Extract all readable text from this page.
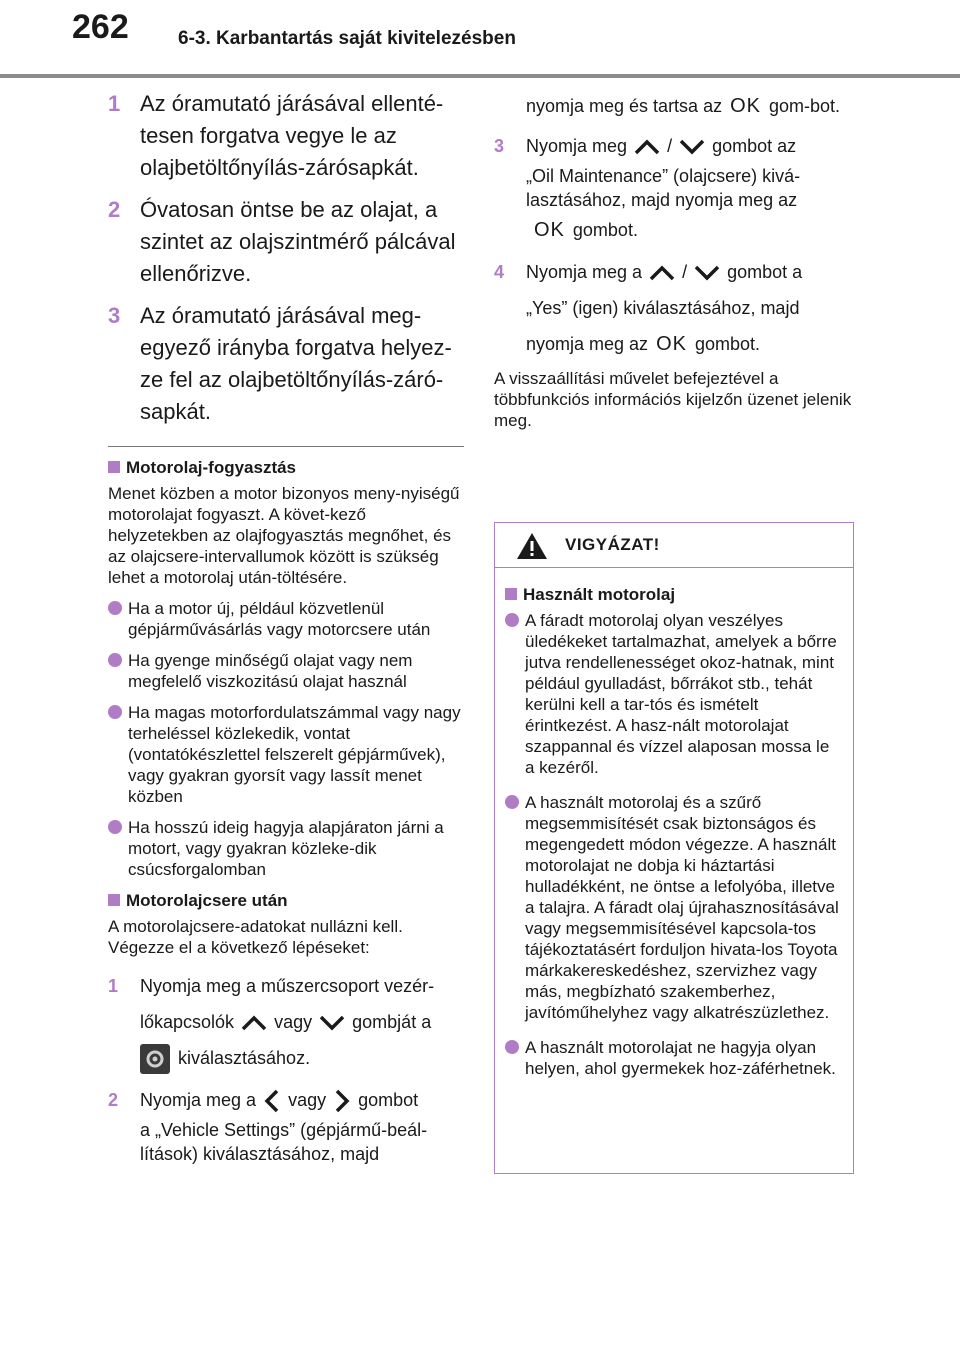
262	6-3. Karbantartás saját kivitelezésben
1 Az óramutató járásával ellenté-tesen forgatva vegye le az olajbetöltőnyílás-zárósapkát.
2 Óvatosan öntse be az olajat, a szintet az olajszintmérő pálcával ellenőrizve.
3 Az óramutató járásával meg-egyező irányba forgatva helyez-ze fel az olajbetöltőnyílás-záró-sapkát.
Motorolaj-fogyasztás
Menet közben a motor bizonyos meny-nyiségű motorolajat fogyaszt. A követ-kező helyzetekben az olajfogyasztás megnőhet, és az olajcsere-intervallumok között is szükség lehet a motorolaj után-töltésére.
Ha a motor új, például közvetlenül gépjárművásárlás vagy motorcsere után
Ha gyenge minőségű olajat vagy nem megfelelő viszkozitású olajat használ
Ha magas motorfordulatszámmal vagy nagy terheléssel közlekedik, vontat (vontatókészlettel felszerelt gépjárművek), vagy gyakran gyorsít vagy lassít menet közben
Ha hosszú ideig hagyja alapjáraton járni a motort, vagy gyakran közleke-dik csúcsforgalomban
Motorolajcsere után
A motorolajcsere-adatokat nullázni kell. Végezze el a következő lépéseket:
1 Nyomja meg a műszercsoport vezér-
lőkapcsolók vagy gombját a
kiválasztásához.
2 Nyomja meg a vagy gombot
a „Vehicle Settings” (gépjármű-beál-lítások) kiválasztásához, majd
nyomja meg és tartsa az OK gom-bot.
3 Nyomja meg / gombot az
„Oil Maintenance” (olajcsere) kivá-lasztásához, majd nyomja meg az
OK gombot.
4 Nyomja meg a / gombot a
„Yes” (igen) kiválasztásához, majd
nyomja meg az OK gombot.
A visszaállítási művelet befejeztével a többfunkciós információs kijelzőn üzenet jelenik meg.
VIGYÁZAT!
Használt motorolaj
A fáradt motorolaj olyan veszélyes üledékeket tartalmazhat, amelyek a bőrre jutva rendellenességet okoz-hatnak, mint például gyulladást, bőrrákot stb., tehát kerülni kell a tar-tós és ismételt érintkezést. A hasz-nált motorolajat szappannal és vízzel alaposan mossa le a kezéről.
A használt motorolaj és a szűrő megsemmisítését csak biztonságos és megengedett módon végezze. A használt motorolajat ne dobja ki háztartási hulladékként, ne öntse a lefolyóba, illetve a talajra. A fáradt olaj újrahasznosításával vagy megsemmisítésével kapcsola-tos tájékoztatásért forduljon hivata-los Toyota márkakereskedéshez, szervizhez vagy más, megbízható szakemberhez, javítóműhelyhez vagy alkatrészüzlethez.
A használt motorolajat ne hagyja olyan helyen, ahol gyermekek hoz-záférhetnek.
